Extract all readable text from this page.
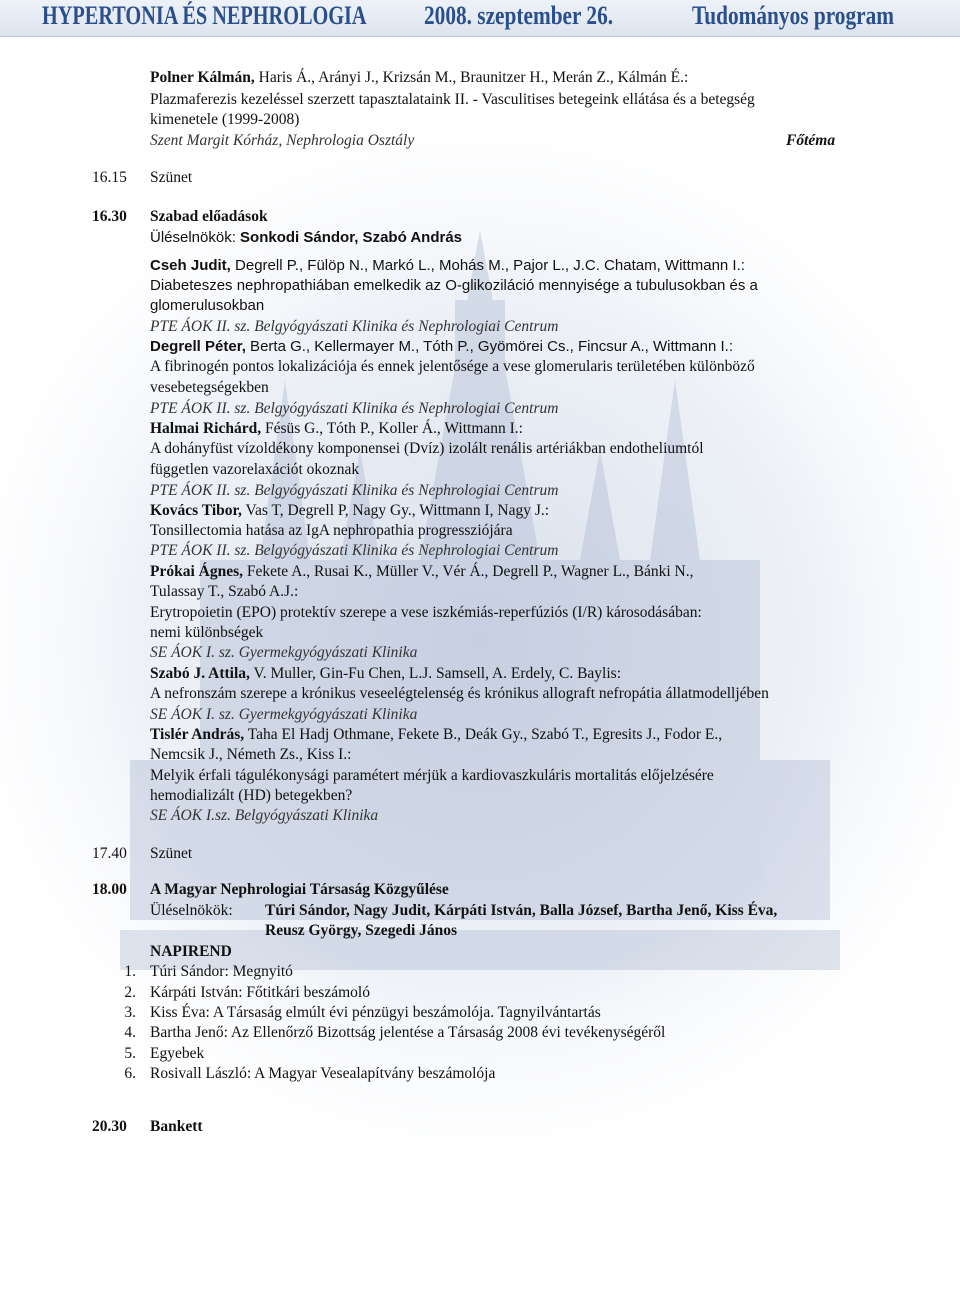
HYPERTONIA ÉS NEPHROLOGIA 2008. szeptember 26.	Tudományos program
Polner Kálmán, Haris Á., Arányi J., Krizsán M., Braunitzer H., Merán Z., Kálmán É.:
Plazmaferezis kezeléssel szerzett tapasztalataink II. - Vasculitises betegeink ellátása és a betegség
kimenetele (1999-2008)
Szent Margit Kórház, Nephrologia Osztály	Főtéma
16.15	Szünet
16.30	Szabad előadások
Üléselnökök: Sonkodi Sándor, Szabó András
Cseh Judit, Degrell P., Fülöp N., Markó L., Mohás M., Pajor L., J.C. Chatam, Wittmann I.:
Diabeteszes nephropathiában emelkedik az O-glikoziláció mennyisége a tubulusokban és a
glomerulusokban
PTE ÁOK II. sz. Belgyógyászati Klinika és Nephrologiai Centrum
Degrell Péter, Berta G., Kellermayer M., Tóth P., Gyömörei Cs., Fincsur A., Wittmann I.:
A fibrinogén pontos lokalizációja és ennek jelentősége a vese glomerularis területében különböző
vesebetegségekben
PTE ÁOK II. sz. Belgyógyászati Klinika és Nephrologiai Centrum
Halmai Richárd, Fésüs G., Tóth P., Koller Á., Wittmann I.:
A dohányfüst vízoldékony komponensei (Dvíz) izolált renális artériákban endotheliumtól
független vazorelaxációt okoznak
PTE ÁOK II. sz. Belgyógyászati Klinika és Nephrologiai Centrum
Kovács Tibor, Vas T, Degrell P, Nagy Gy., Wittmann I, Nagy J.:
Tonsillectomia hatása az IgA nephropathia progressziójára
PTE ÁOK II. sz. Belgyógyászati Klinika és Nephrologiai Centrum
Prókai Ágnes, Fekete A., Rusai K., Müller V., Vér Á., Degrell P., Wagner L., Bánki N.,
Tulassay T., Szabó A.J.:
Erytropoietin (EPO) protektív szerepe a vese iszkémiás-reperfúziós (I/R) károsodásában:
nemi különbségek
SE ÁOK I. sz. Gyermekgyógyászati Klinika
Szabó J. Attila, V. Muller, Gin-Fu Chen, L.J. Samsell, A. Erdely, C. Baylis:
A nefronszám szerepe a krónikus veseelégtelenség és krónikus allograft nefropátia állatmodelljében
SE ÁOK I. sz. Gyermekgyógyászati Klinika
Tislér András, Taha El Hadj Othmane, Fekete B., Deák Gy., Szabó T., Egresits J., Fodor E.,
Nemcsik J., Németh Zs., Kiss I.:
Melyik érfali tágulékonysági paramétert mérjük a kardiovaszkuláris mortalitás előjelzésére
hemodializált (HD) betegekben?
SE ÁOK I.sz. Belgyógyászati Klinika
17.40	Szünet
18.00	A Magyar Nephrologiai Társaság Közgyűlése
Üléselnökök: Túri Sándor, Nagy Judit, Kárpáti István, Balla József, Bartha Jenő, Kiss Éva,
Reusz György, Szegedi János
NAPIREND
1. Túri Sándor: Megnyitó
2. Kárpáti István: Főtitkári beszámoló
3. Kiss Éva: A Társaság elmúlt évi pénzügyi beszámolója. Tagnyilvántartás
4. Bartha Jenő: Az Ellenőrző Bizottság jelentése a Társaság 2008 évi tevékenységéről
5. Egyebek
6. Rosivall László: A Magyar Vesealapítvány beszámolója
20.30	Bankett
